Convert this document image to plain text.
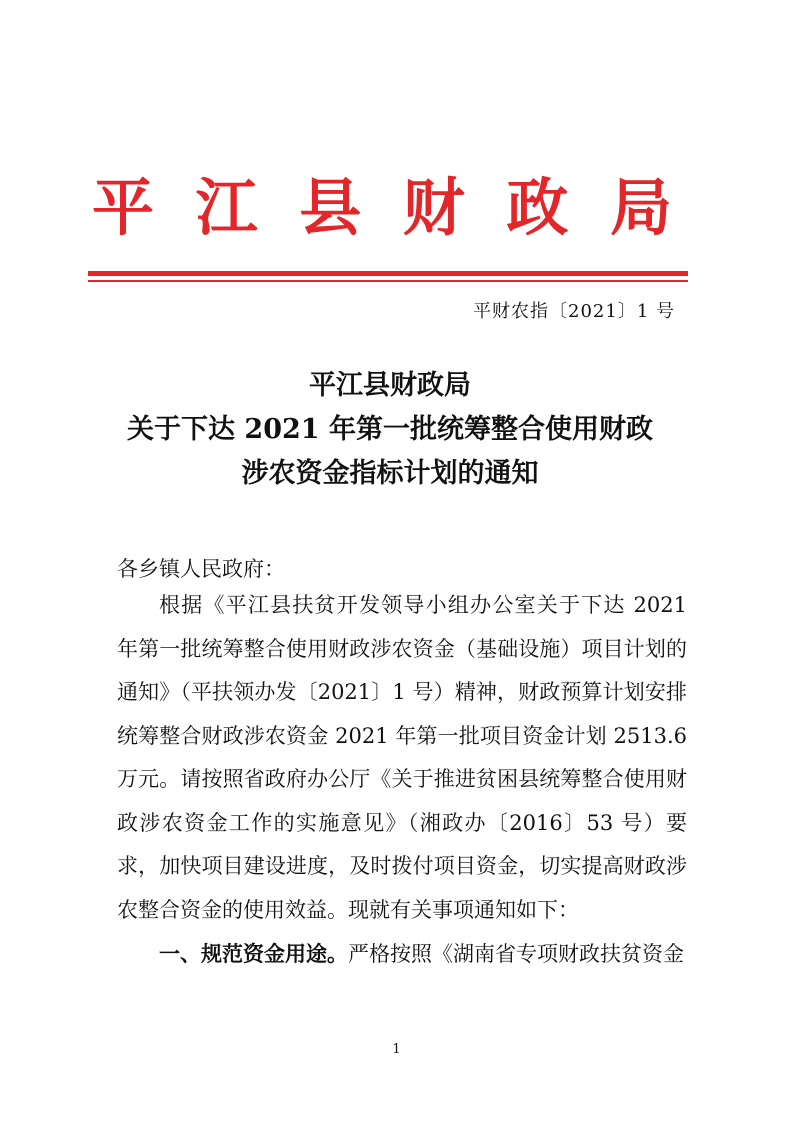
平 江 县 财 政 局
平财农指〔2021〕1 号
平江县财政局
关于下达 2021 年第一批统筹整合使用财政
涉农资金指标计划的通知
各乡镇人民政府：

根据《平江县扶贫开发领导小组办公室关于下达 2021 年第一批统筹整合使用财政涉农资金（基础设施）项目计划的通知》（平扶领办发〔2021〕1 号）精神，财政预算计划安排统筹整合财政涉农资金 2021 年第一批项目资金计划 2513.6 万元。请按照省政府办公厅《关于推进贫困县统筹整合使用财政涉农资金工作的实施意见》（湘政办〔2016〕53 号）要求，加快项目建设进度，及时拨付项目资金，切实提高财政涉农整合资金的使用效益。现就有关事项通知如下：

一、规范资金用途。严格按照《湖南省专项财政扶贫资金

1
